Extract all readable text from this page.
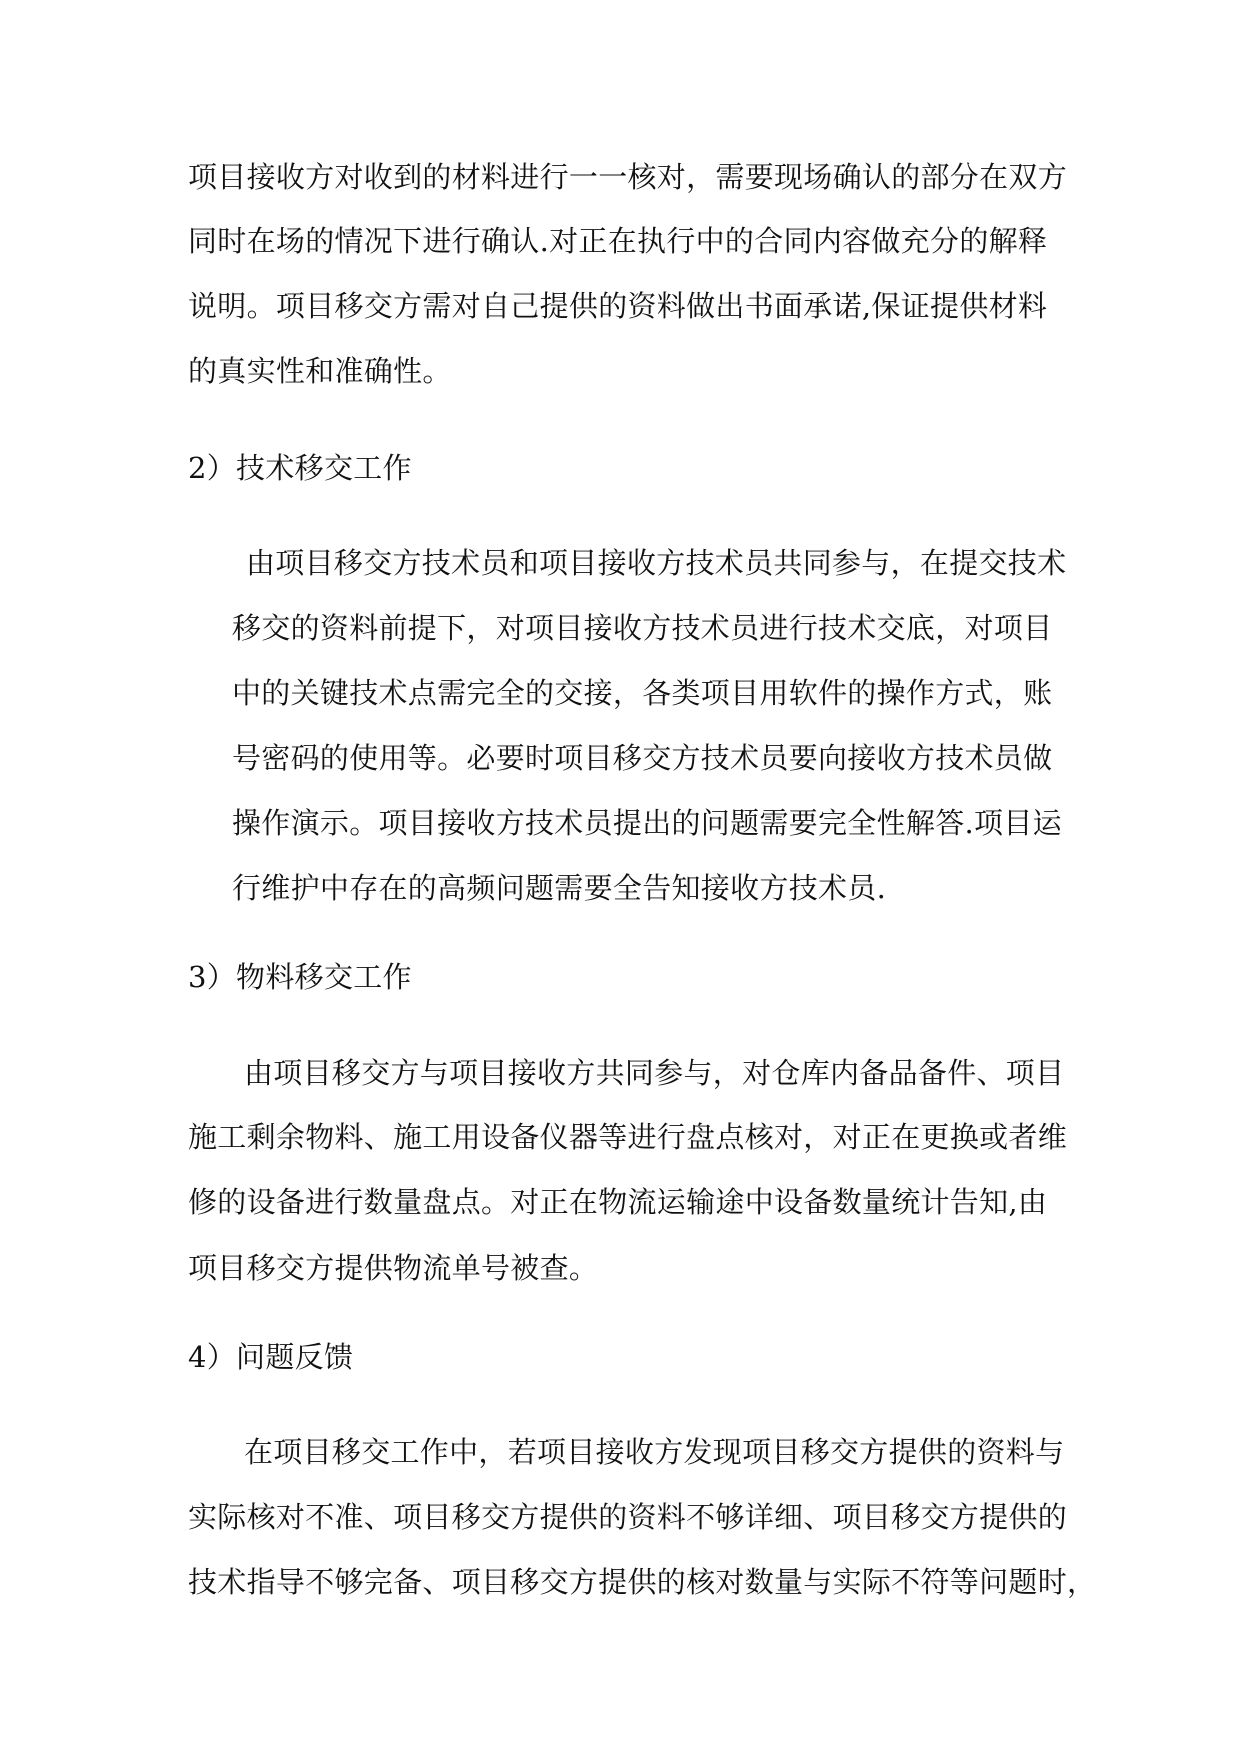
项目接收方对收到的材料进行一一核对，需要现场确认的部分在双方
同时在场的情况下进行确认.对正在执行中的合同内容做充分的解释
说明。项目移交方需对自己提供的资料做出书面承诺,保证提供材料
的真实性和准确性。
2）技术移交工作
由项目移交方技术员和项目接收方技术员共同参与，在提交技术
移交的资料前提下，对项目接收方技术员进行技术交底，对项目
中的关键技术点需完全的交接，各类项目用软件的操作方式，账
号密码的使用等。必要时项目移交方技术员要向接收方技术员做
操作演示。项目接收方技术员提出的问题需要完全性解答.项目运
行维护中存在的高频问题需要全告知接收方技术员.
3）物料移交工作
由项目移交方与项目接收方共同参与，对仓库内备品备件、项目
施工剩余物料、施工用设备仪器等进行盘点核对，对正在更换或者维
修的设备进行数量盘点。对正在物流运输途中设备数量统计告知,由
项目移交方提供物流单号被查。
4）问题反馈
在项目移交工作中，若项目接收方发现项目移交方提供的资料与
实际核对不准、项目移交方提供的资料不够详细、项目移交方提供的
技术指导不够完备、项目移交方提供的核对数量与实际不符等问题时，
